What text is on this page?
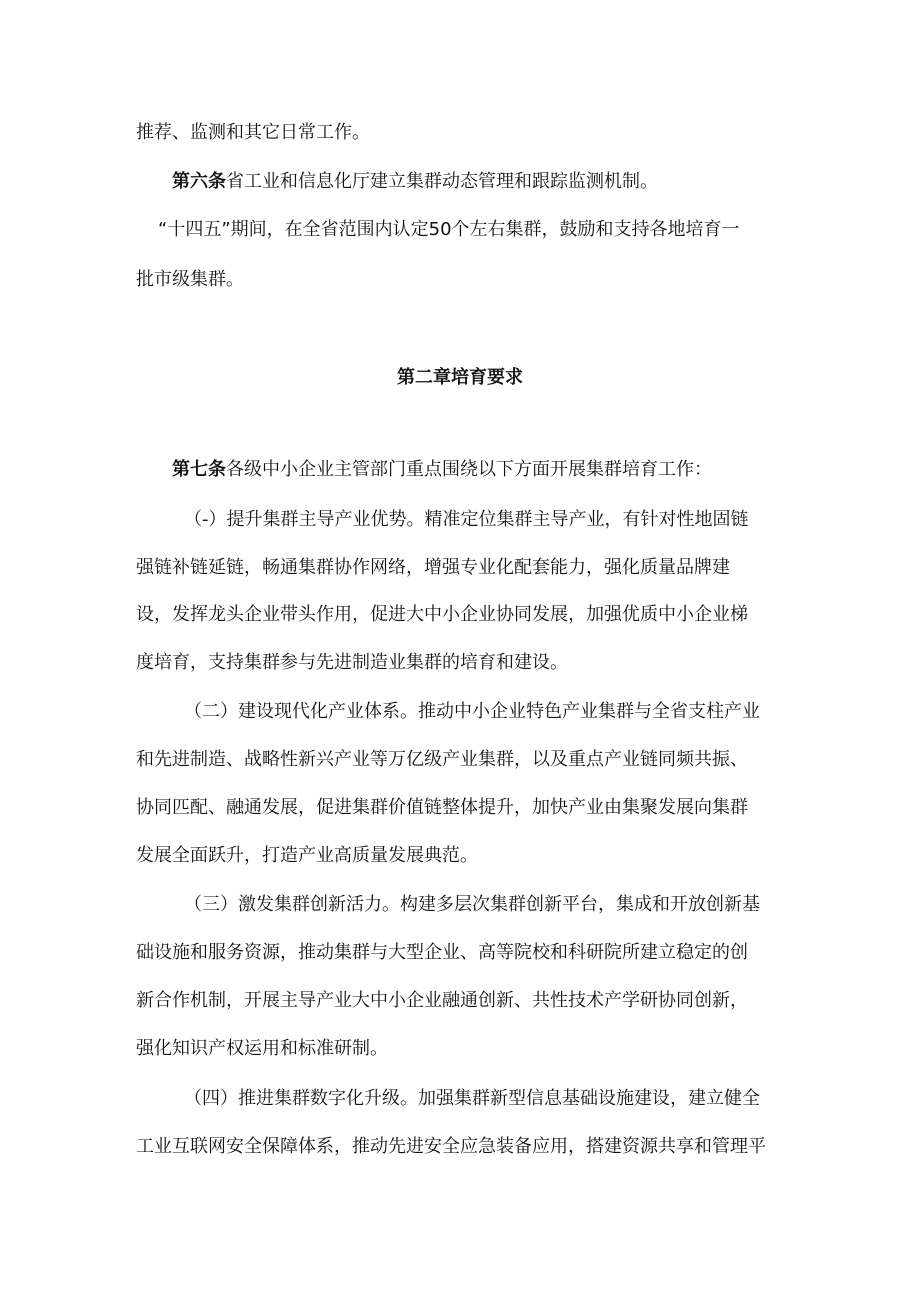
推荐、监测和其它日常工作。
第六条省工业和信息化厅建立集群动态管理和跟踪监测机制。
“十四五”期间，在全省范围内认定50个左右集群，鼓励和支持各地培育一
批市级集群。
第二章培育要求
第七条各级中小企业主管部门重点围绕以下方面开展集群培育工作：
（-）提升集群主导产业优势。精准定位集群主导产业，有针对性地固链
强链补链延链，畅通集群协作网络，增强专业化配套能力，强化质量品牌建
设，发挥龙头企业带头作用，促进大中小企业协同发展，加强优质中小企业梯
度培育，支持集群参与先进制造业集群的培育和建设。
（二）建设现代化产业体系。推动中小企业特色产业集群与全省支柱产业
和先进制造、战略性新兴产业等万亿级产业集群，以及重点产业链同频共振、
协同匹配、融通发展，促进集群价值链整体提升，加快产业由集聚发展向集群
发展全面跃升，打造产业高质量发展典范。
（三）激发集群创新活力。构建多层次集群创新平台，集成和开放创新基
础设施和服务资源，推动集群与大型企业、高等院校和科研院所建立稳定的创
新合作机制，开展主导产业大中小企业融通创新、共性技术产学研协同创新，
强化知识产权运用和标准研制。
（四）推进集群数字化升级。加强集群新型信息基础设施建设，建立健全
工业互联网安全保障体系，推动先进安全应急装备应用，搭建资源共享和管理平
